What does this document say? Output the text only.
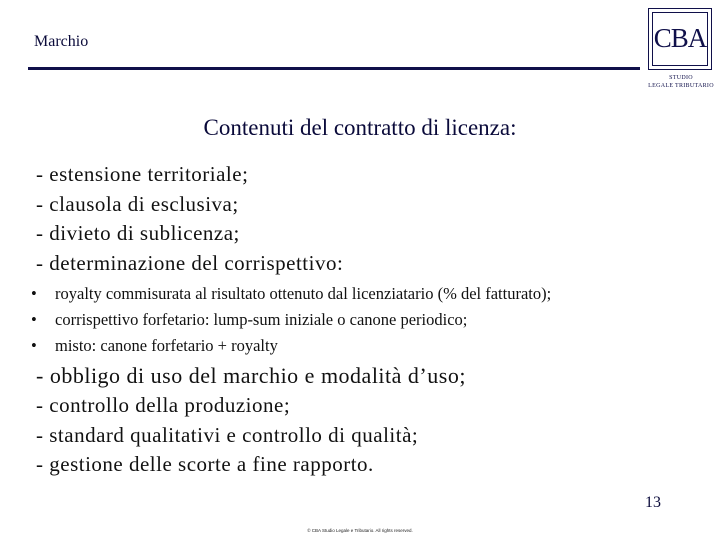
Marchio	CBA
STUDIO
LEGALE TRIBUTARIO
Contenuti del contratto di licenza:
- estensione territoriale;
- clausola di esclusiva;
- divieto di sublicenza;
- determinazione del corrispettivo:
• royalty commisurata al risultato ottenuto dal licenziatario (% del fatturato);
• corrispettivo forfetario: lump-sum iniziale o canone periodico;
• misto: canone forfetario + royalty
- obbligo di uso del marchio e modalità d’uso;
- controllo della produzione;
- standard qualitativi e controllo di qualità;
- gestione delle scorte a fine rapporto.
13
© CBA Studio Legale e Tributario. All rights reserved.
